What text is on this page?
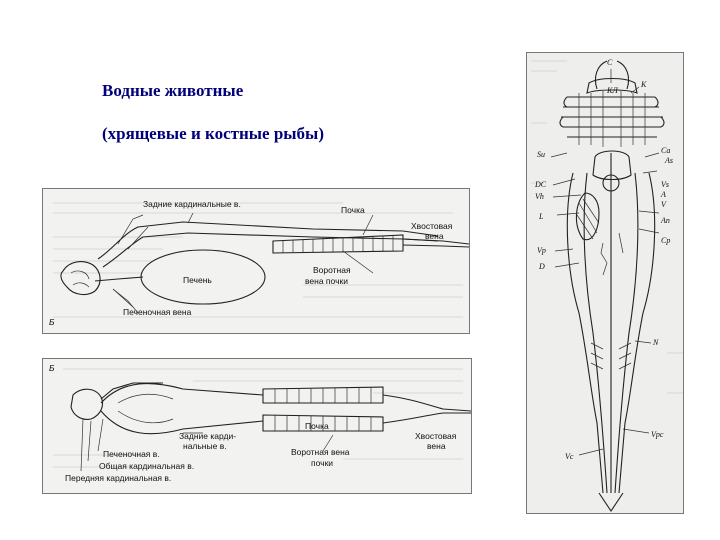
Водные животные
(хрящевые и костные рыбы)
Задние кардинальные в.
Почка
Хвостовая
вена
Воротная
вена почки
Печень
Печеночная вена
Б
Задние карди-
нальные в.
Почка
Печеночная в.
Общая кардинальная в.
Передняя кардинальная в.
Воротная вена
почки
Хвостовая
вена
Б
C
КЛ
К
Ca
As
Su
Vs
A
DC
Vh
V
L	An
Cp
Vp
D
N
Vpc
Vc
